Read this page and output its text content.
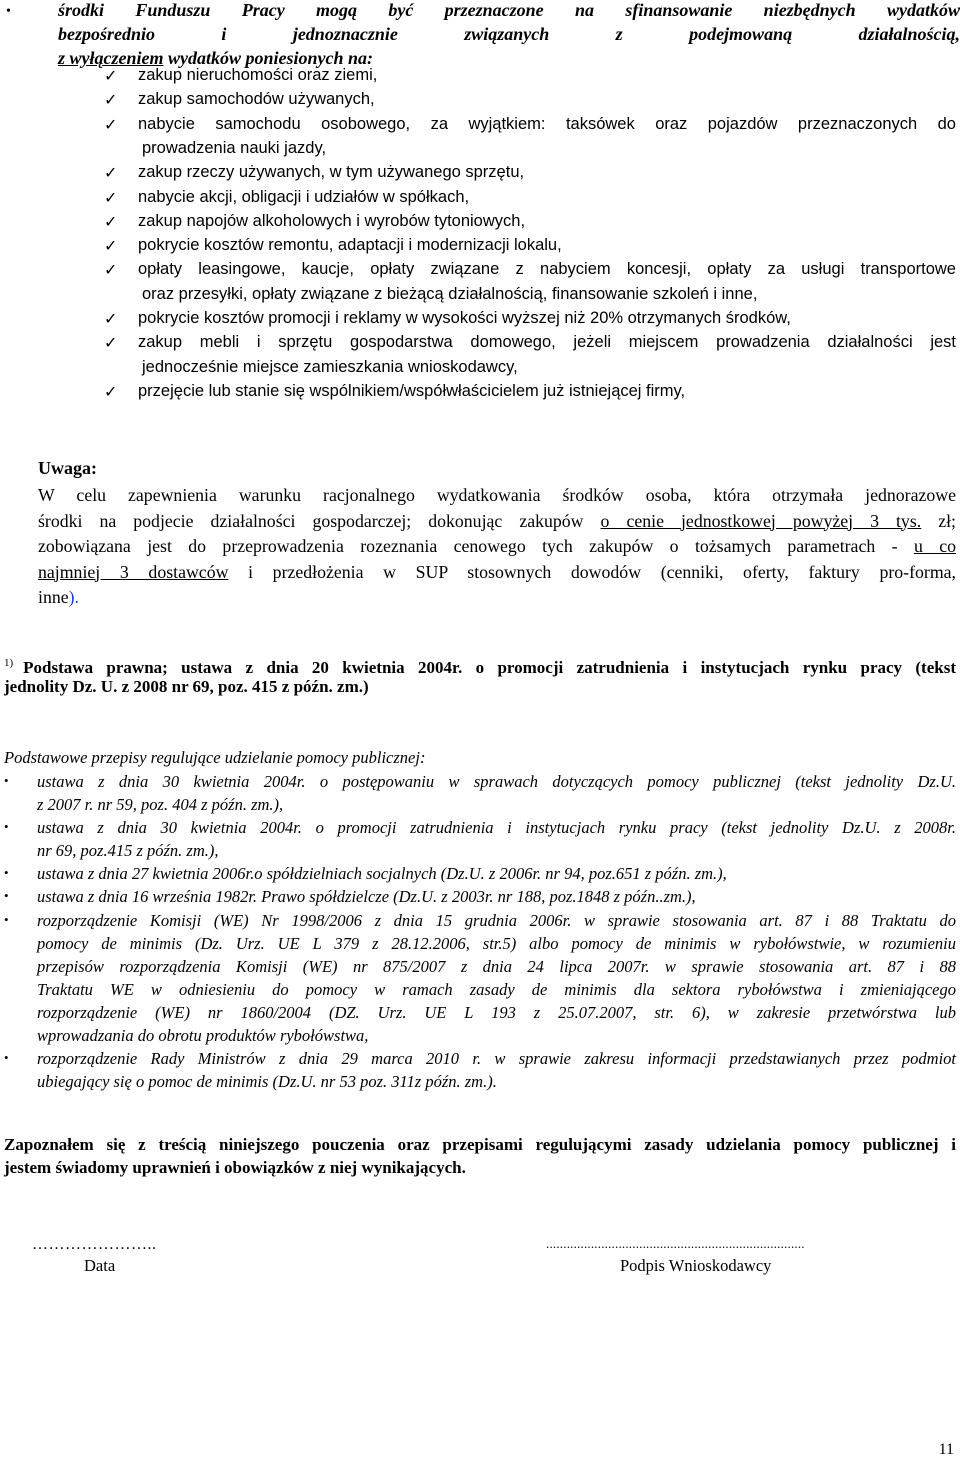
•	środki Funduszu Pracy mogą być przeznaczone na sfinansowanie niezbędnych wydatków
bezpośrednio i jednoznacznie związanych z podejmowaną działalnością,
z wyłączeniem wydatków poniesionych na:
✓	zakup nieruchomości oraz ziemi,
✓	zakup samochodów używanych,
✓	nabycie samochodu osobowego, za wyjątkiem: taksówek oraz pojazdów przeznaczonych do
prowadzenia nauki jazdy,
✓	zakup rzeczy używanych, w tym używanego sprzętu,
✓	nabycie akcji, obligacji i udziałów w spółkach,
✓	zakup napojów alkoholowych i wyrobów tytoniowych,
✓	pokrycie kosztów remontu, adaptacji i modernizacji lokalu,
✓	opłaty leasingowe, kaucje, opłaty związane z nabyciem koncesji, opłaty za usługi transportowe
oraz przesyłki, opłaty związane z bieżącą działalnością, finansowanie szkoleń i inne,
✓	pokrycie kosztów promocji i reklamy w wysokości wyższej niż 20% otrzymanych środków,
✓	zakup mebli i sprzętu gospodarstwa domowego, jeżeli miejscem prowadzenia działalności jest
jednocześnie miejsce zamieszkania wnioskodawcy,
✓	przejęcie lub stanie się wspólnikiem/współwłaścicielem już istniejącej firmy,
Uwaga:
W celu zapewnienia warunku racjonalnego wydatkowania środków osoba, która otrzymała jednorazowe
środki na podjecie działalności gospodarczej; dokonując zakupów o cenie jednostkowej powyżej 3 tys. zł;
zobowiązana jest do przeprowadzenia rozeznania cenowego tych zakupów o tożsamych parametrach - u co
najmniej 3 dostawców i przedłożenia w SUP stosownych dowodów (cenniki, oferty, faktury pro-forma,
inne).
$^{1)}$ Podstawa prawna; ustawa z dnia 20 kwietnia 2004r. o promocji zatrudnienia i instytucjach rynku pracy (tekst
jednolity Dz. U. z 2008 nr 69, poz. 415 z późn. zm.)
Podstawowe przepisy regulujące udzielanie pomocy publicznej:
• ustawa z dnia 30 kwietnia 2004r. o postępowaniu w sprawach dotyczących pomocy publicznej (tekst jednolity Dz.U.
z 2007 r. nr 59, poz. 404 z późn. zm.),
• ustawa z dnia 30 kwietnia 2004r. o promocji zatrudnienia i instytucjach rynku pracy (tekst jednolity Dz.U. z 2008r.
nr 69, poz.415 z późn. zm.),
• ustawa z dnia 27 kwietnia 2006r.o spółdzielniach socjalnych (Dz.U. z 2006r. nr 94, poz.651 z późn. zm.),
• ustawa z dnia 16 września 1982r. Prawo spółdzielcze (Dz.U. z 2003r. nr 188, poz.1848 z późn..zm.),
• rozporządzenie Komisji (WE) Nr 1998/2006 z dnia 15 grudnia 2006r. w sprawie stosowania art. 87 i 88 Traktatu do
pomocy de minimis (Dz. Urz. UE L 379 z 28.12.2006, str.5) albo pomocy de minimis w rybołówstwie, w rozumieniu
przepisów rozporządzenia Komisji (WE) nr 875/2007 z dnia 24 lipca 2007r. w sprawie stosowania art. 87 i 88
Traktatu WE w odniesieniu do pomocy w ramach zasady de minimis dla sektora rybołówstwa i zmieniającego
rozporządzenie (WE) nr 1860/2004 (DZ. Urz. UE L 193 z 25.07.2007, str. 6), w zakresie przetwórstwa lub
wprowadzania do obrotu produktów rybołówstwa,
• rozporządzenie Rady Ministrów z dnia 29 marca 2010 r. w sprawie zakresu informacji przedstawianych przez podmiot
ubiegający się o pomoc de minimis (Dz.U. nr 53 poz. 311z późn. zm.).
Zapoznałem się z treścią niniejszego pouczenia oraz przepisami regulującymi zasady udzielania pomocy publicznej i
jestem świadomy uprawnień i obowiązków z niej wynikających.
…………………..
Data
...........................................................................
Podpis Wnioskodawcy
11
